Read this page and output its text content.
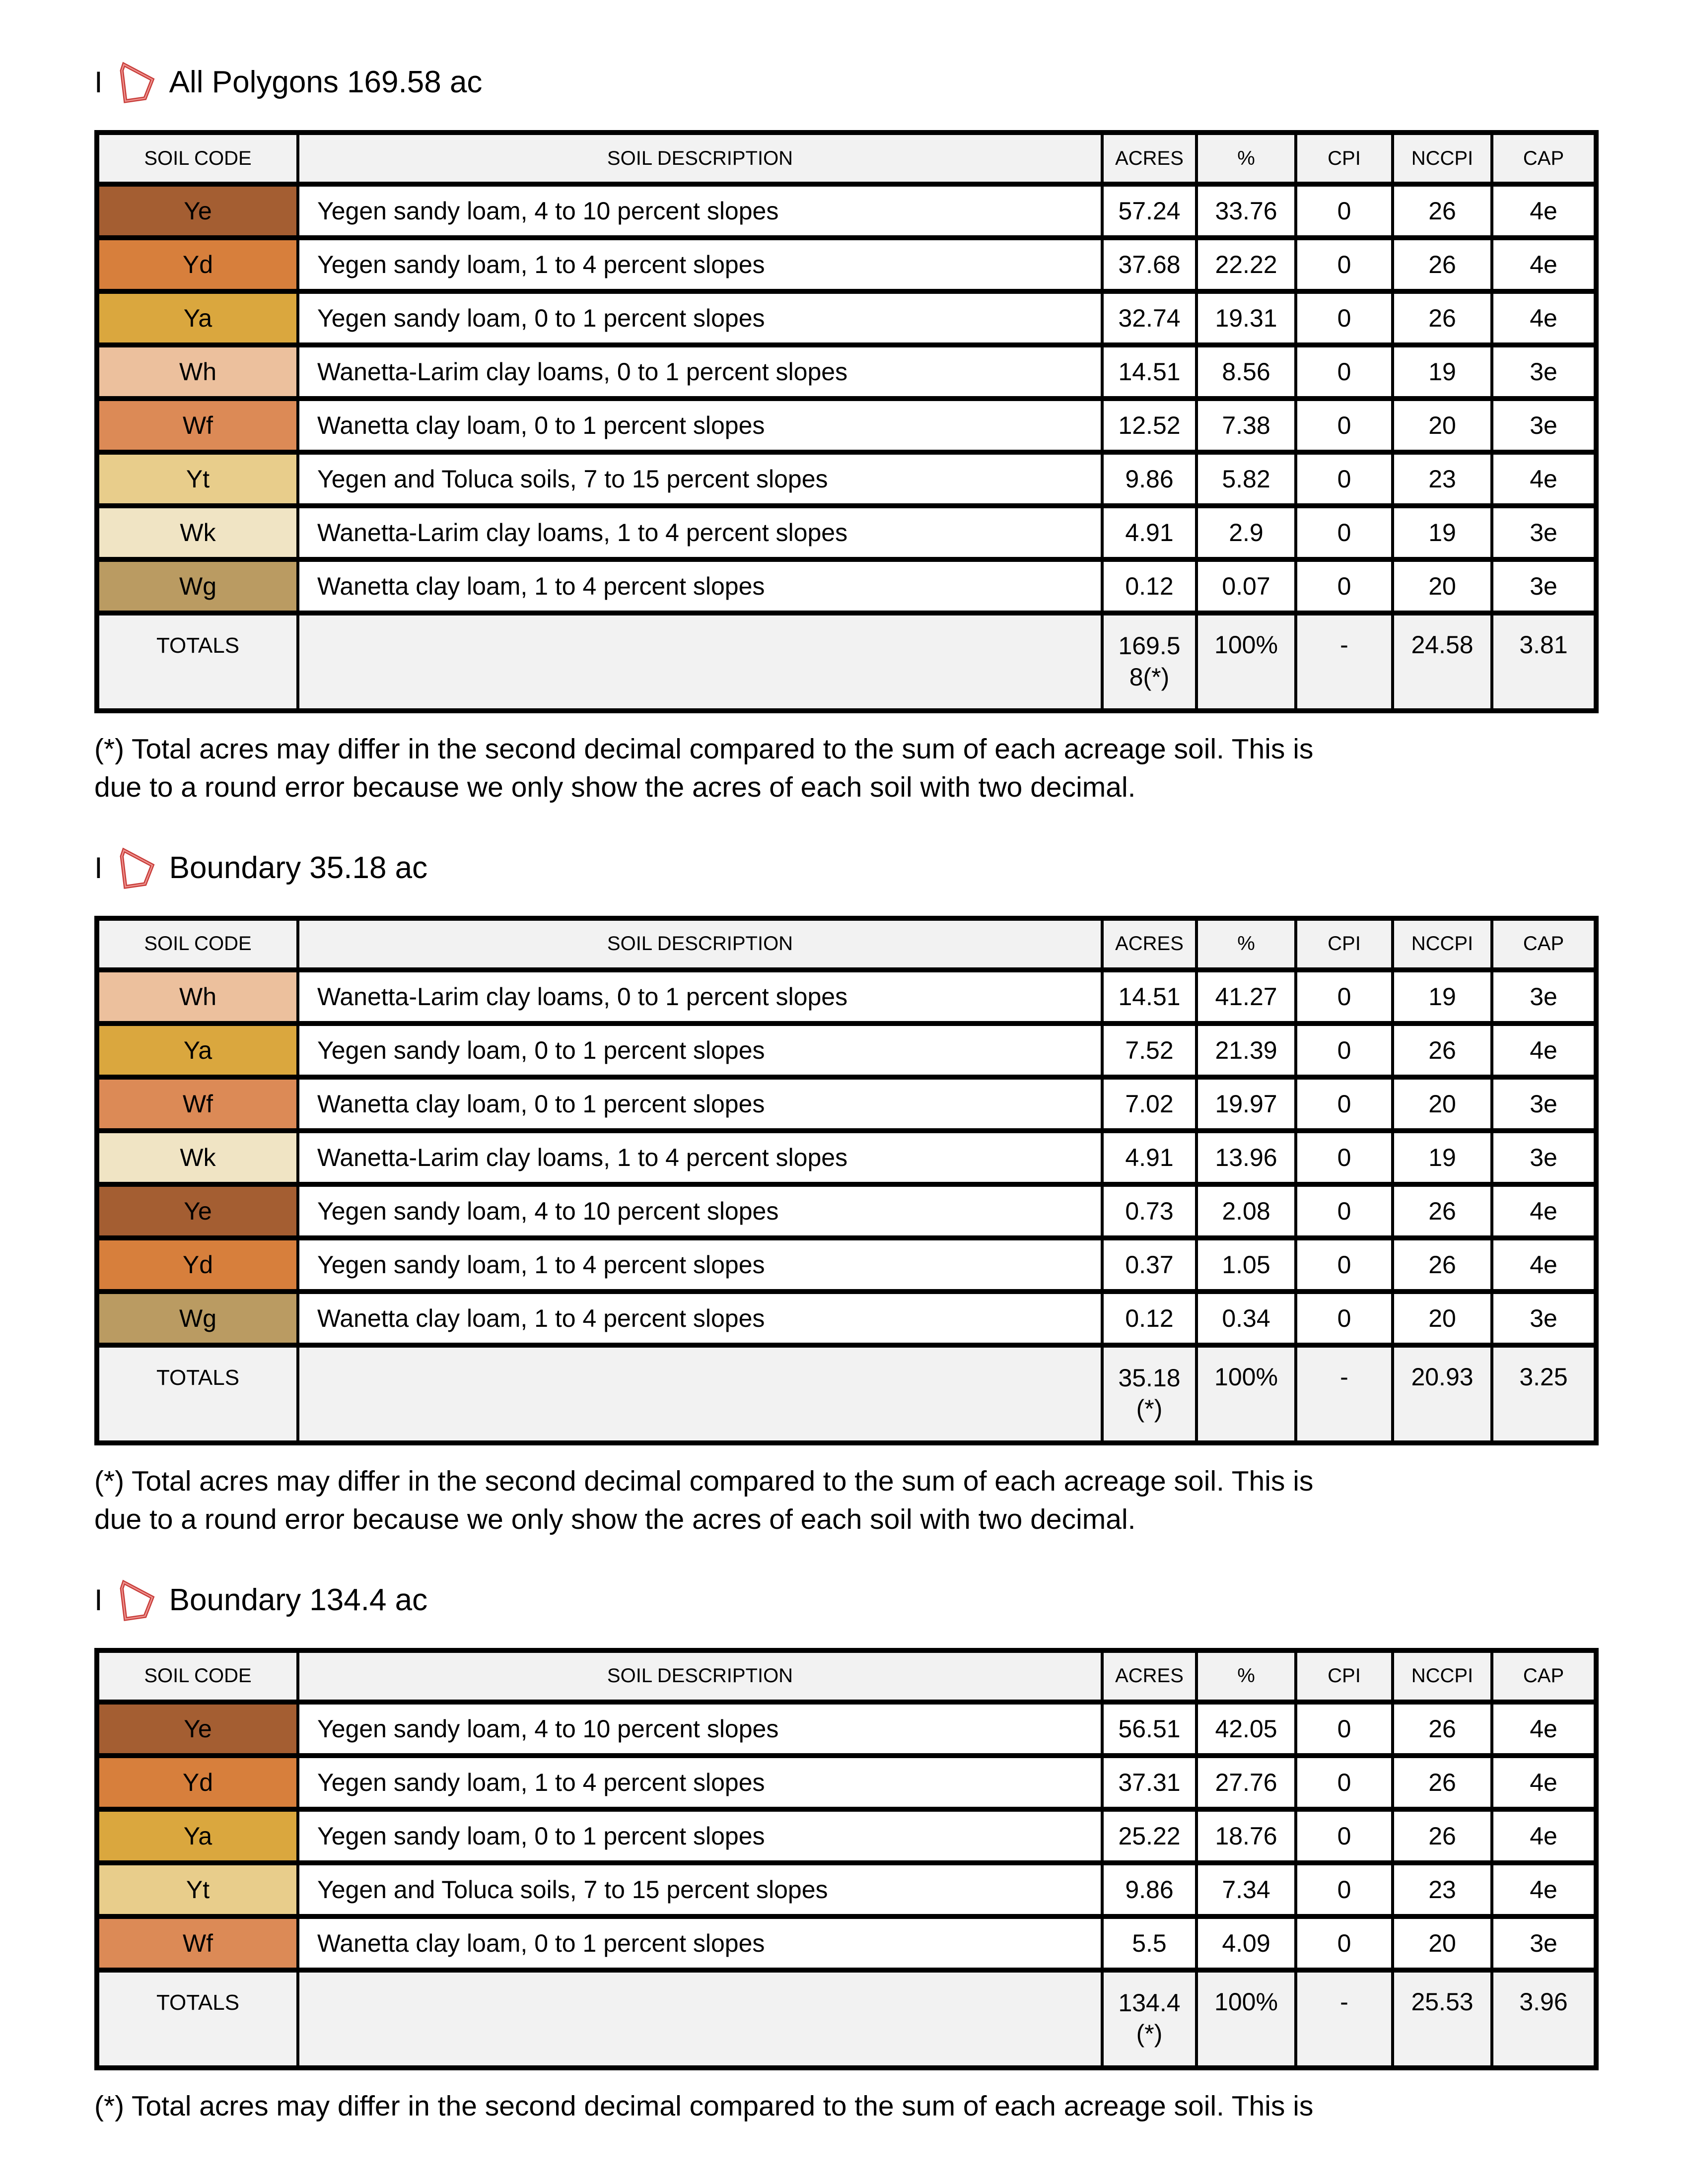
I All Polygons 169.58 ac
SOIL CODE	SOIL DESCRIPTION	ACRES	%	CPI	NCCPI	CAP
Ye	Yegen sandy loam, 4 to 10 percent slopes	57.24	33.76	0	26	4e
Yd	Yegen sandy loam, 1 to 4 percent slopes	37.68	22.22	0	26	4e
Ya	Yegen sandy loam, 0 to 1 percent slopes	32.74	19.31	0	26	4e
Wh	Wanetta-Larim clay loams, 0 to 1 percent slopes	14.51	8.56	0	19	3e
Wf	Wanetta clay loam, 0 to 1 percent slopes	12.52	7.38	0	20	3e
Yt	Yegen and Toluca soils, 7 to 15 percent slopes	9.86	5.82	0	23	4e
Wk	Wanetta-Larim clay loams, 1 to 4 percent slopes	4.91	2.9	0	19	3e
Wg	Wanetta clay loam, 1 to 4 percent slopes	0.12	0.07	0	20	3e
TOTALS		169.58(*)	100%	-	24.58	3.81
(*) Total acres may differ in the second decimal compared to the sum of each acreage soil. This is
due to a round error because we only show the acres of each soil with two decimal.
I Boundary 35.18 ac
SOIL CODE	SOIL DESCRIPTION	ACRES	%	CPI	NCCPI	CAP
Wh	Wanetta-Larim clay loams, 0 to 1 percent slopes	14.51	41.27	0	19	3e
Ya	Yegen sandy loam, 0 to 1 percent slopes	7.52	21.39	0	26	4e
Wf	Wanetta clay loam, 0 to 1 percent slopes	7.02	19.97	0	20	3e
Wk	Wanetta-Larim clay loams, 1 to 4 percent slopes	4.91	13.96	0	19	3e
Ye	Yegen sandy loam, 4 to 10 percent slopes	0.73	2.08	0	26	4e
Yd	Yegen sandy loam, 1 to 4 percent slopes	0.37	1.05	0	26	4e
Wg	Wanetta clay loam, 1 to 4 percent slopes	0.12	0.34	0	20	3e
TOTALS		35.18(*)	100%	-	20.93	3.25
(*) Total acres may differ in the second decimal compared to the sum of each acreage soil. This is
due to a round error because we only show the acres of each soil with two decimal.
I Boundary 134.4 ac
SOIL CODE	SOIL DESCRIPTION	ACRES	%	CPI	NCCPI	CAP
Ye	Yegen sandy loam, 4 to 10 percent slopes	56.51	42.05	0	26	4e
Yd	Yegen sandy loam, 1 to 4 percent slopes	37.31	27.76	0	26	4e
Ya	Yegen sandy loam, 0 to 1 percent slopes	25.22	18.76	0	26	4e
Yt	Yegen and Toluca soils, 7 to 15 percent slopes	9.86	7.34	0	23	4e
Wf	Wanetta clay loam, 0 to 1 percent slopes	5.5	4.09	0	20	3e
TOTALS		134.4(*)	100%	-	25.53	3.96
(*) Total acres may differ in the second decimal compared to the sum of each acreage soil. This is
